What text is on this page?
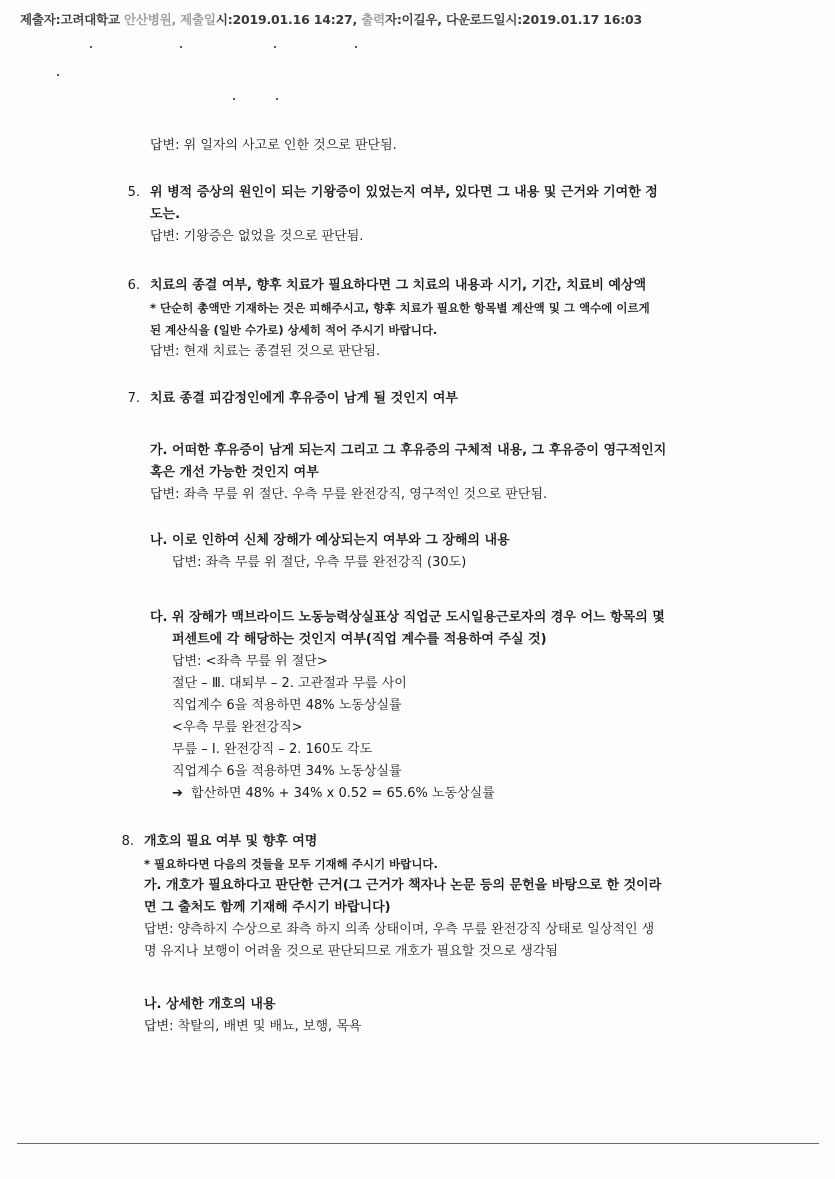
제출자:고려대학교 안산병원, 제출일시:2019.01.16 14:27, 출력자:이길우, 다운로드일시:2019.01.17 16:03
답변: 위 일자의 사고로 인한 것으로 판단됨.
5. 위 병적 증상의 원인이 되는 기왕증이 있었는지 여부, 있다면 그 내용 및 근거와 기여한 정
도는.
답변: 기왕증은 없었을 것으로 판단됨.
6. 치료의 종결 여부, 향후 치료가 필요하다면 그 치료의 내용과 시기, 기간, 치료비 예상액
* 단순히 총액만 기재하는 것은 피해주시고, 향후 치료가 필요한 항목별 계산액 및 그 액수에 이르게
된 계산식을 (일반 수가로) 상세히 적어 주시기 바랍니다.
답변: 현재 치료는 종결된 것으로 판단됨.
7. 치료 종결 피감정인에게 후유증이 남게 될 것인지 여부
가. 어떠한 후유증이 남게 되는지 그리고 그 후유증의 구체적 내용, 그 후유증이 영구적인지
혹은 개선 가능한 것인지 여부
답변: 좌측 무릎 위 절단. 우측 무릎 완전강직, 영구적인 것으로 판단됨.
나. 이로 인하여 신체 장해가 예상되는지 여부와 그 장해의 내용
답변: 좌측 무릎 위 절단, 우측 무릎 완전강직 (30도)
다. 위 장해가 맥브라이드 노동능력상실표상 직업군 도시일용근로자의 경우 어느 항목의 몇
퍼센트에 각 해당하는 것인지 여부(직업 계수를 적용하여 주실 것)
답변: <좌측 무릎 위 절단>
절단 – Ⅲ. 대퇴부 – 2. 고관절과 무릎 사이
직업계수 6을 적용하면 48% 노동상실률
<우측 무릎 완전강직>
무릎 – Ⅰ. 완전강직 – 2. 160도 각도
직업계수 6을 적용하면 34% 노동상실률
➔ 합산하면 48% + 34% x 0.52 = 65.6% 노동상실률
8. 개호의 필요 여부 및 향후 여명
* 필요하다면 다음의 것들을 모두 기재해 주시기 바랍니다.
가. 개호가 필요하다고 판단한 근거(그 근거가 책자나 논문 등의 문헌을 바탕으로 한 것이라
면 그 출처도 함께 기재해 주시기 바랍니다)
답변: 양측하지 수상으로 좌측 하지 의족 상태이며, 우측 무릎 완전강직 상태로 일상적인 생
명 유지나 보행이 어려울 것으로 판단되므로 개호가 필요할 것으로 생각됨
나. 상세한 개호의 내용
답변: 착탈의, 배변 및 배뇨, 보행, 목욕
